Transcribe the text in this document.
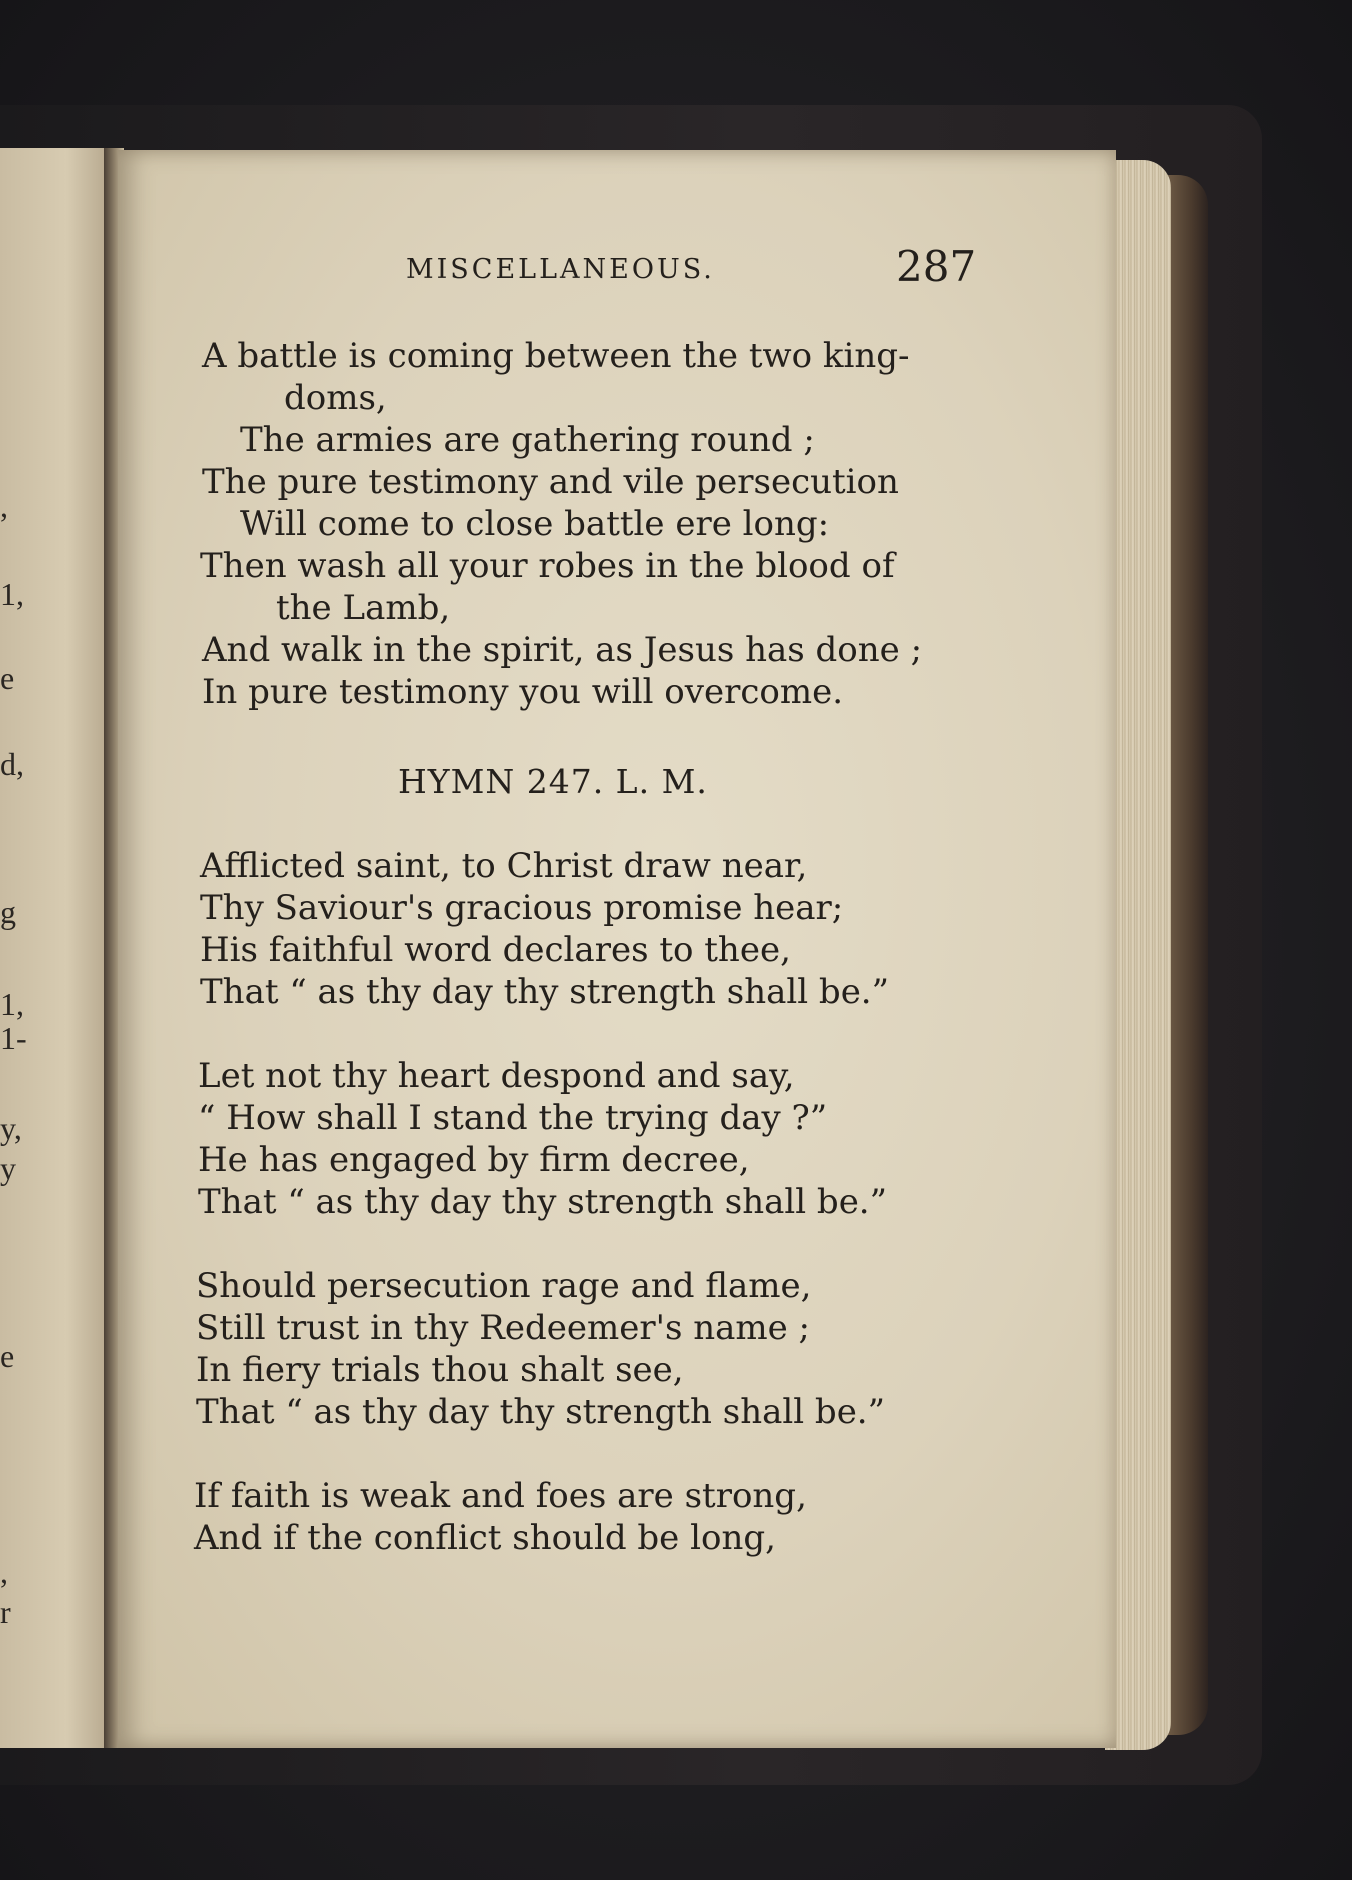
,
1,
e
d,
g
1,
1-
y,
y
e
,
r
MISCELLANEOUS.	287
A battle is coming between the two king-
doms,
The armies are gathering round ;
The pure testimony and vile persecution
Will come to close battle ere long:
Then wash all your robes in the blood of
the Lamb,
And walk in the spirit, as Jesus has done ;
In pure testimony you will overcome.
HYMN 247. L. M.
Afflicted saint, to Christ draw near,
Thy Saviour's gracious promise hear;
His faithful word declares to thee,
That “ as thy day thy strength shall be.”
Let not thy heart despond and say,
“ How shall I stand the trying day ?”
He has engaged by firm decree,
That “ as thy day thy strength shall be.”
Should persecution rage and flame,
Still trust in thy Redeemer's name ;
In fiery trials thou shalt see,
That “ as thy day thy strength shall be.”
If faith is weak and foes are strong,
And if the conflict should be long,
